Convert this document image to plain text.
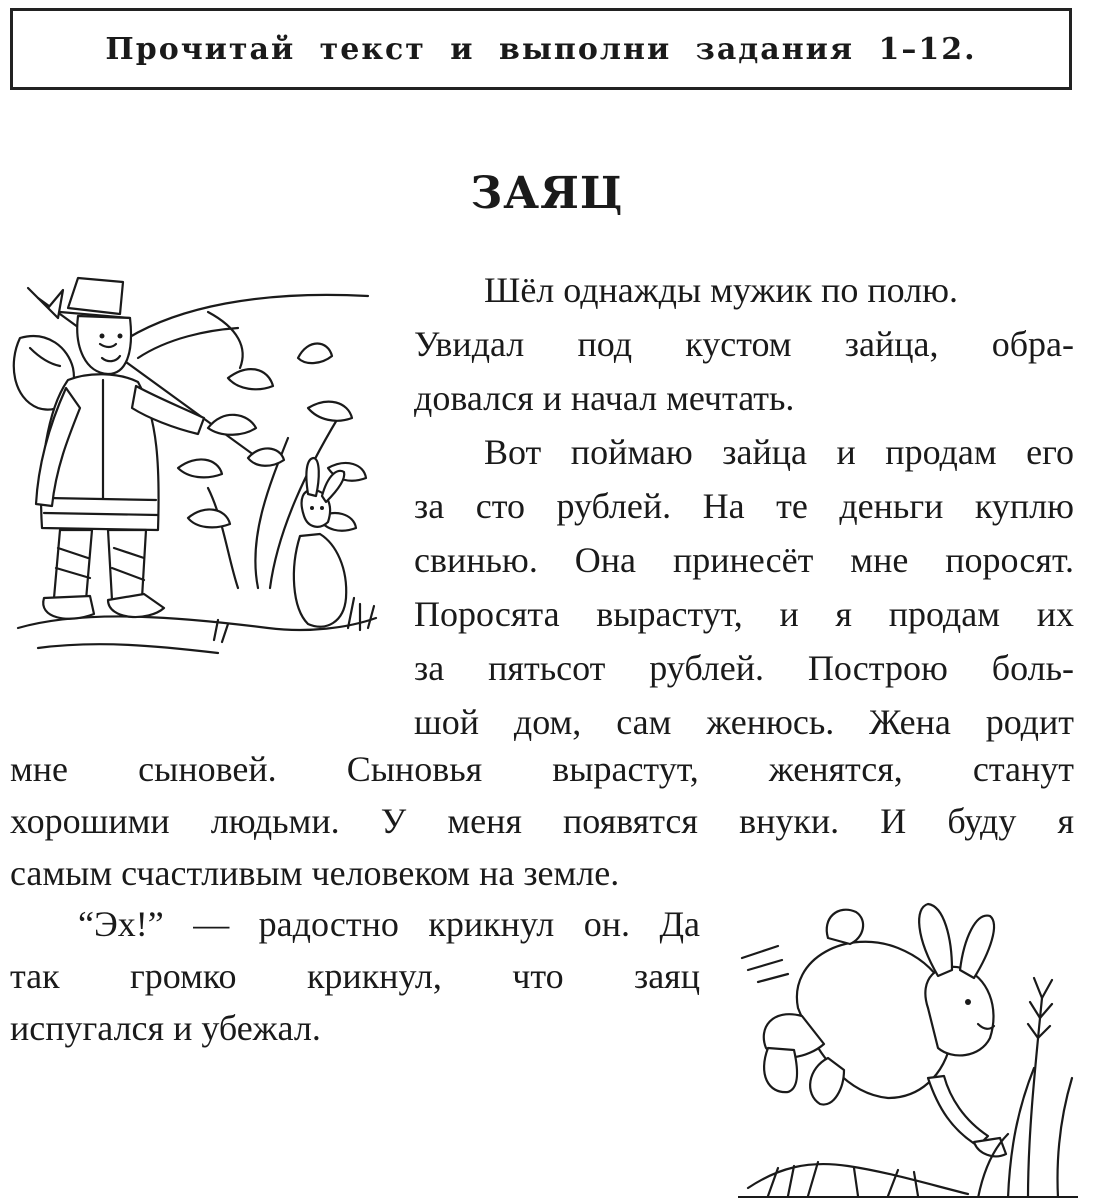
Прочитай текст и выполни задания 1–12.
ЗАЯЦ
Шёл однажды мужик по полю.
Увидал под кустом зайца, обра-
довался и начал мечтать.
Вот поймаю зайца и продам его
за сто рублей. На те деньги куплю
свинью. Она принесёт мне поросят.
Поросята вырастут, и я продам их
за пятьсот рублей. Построю боль-
шой дом, сам женюсь. Жена родит
мне сыновей. Сыновья вырастут, женятся, станут
хорошими людьми. У меня появятся внуки. И буду я
самым счастливым человеком на земле.
“Эх!” — радостно крикнул он. Да
так громко крикнул, что заяц
испугался и убежал.
